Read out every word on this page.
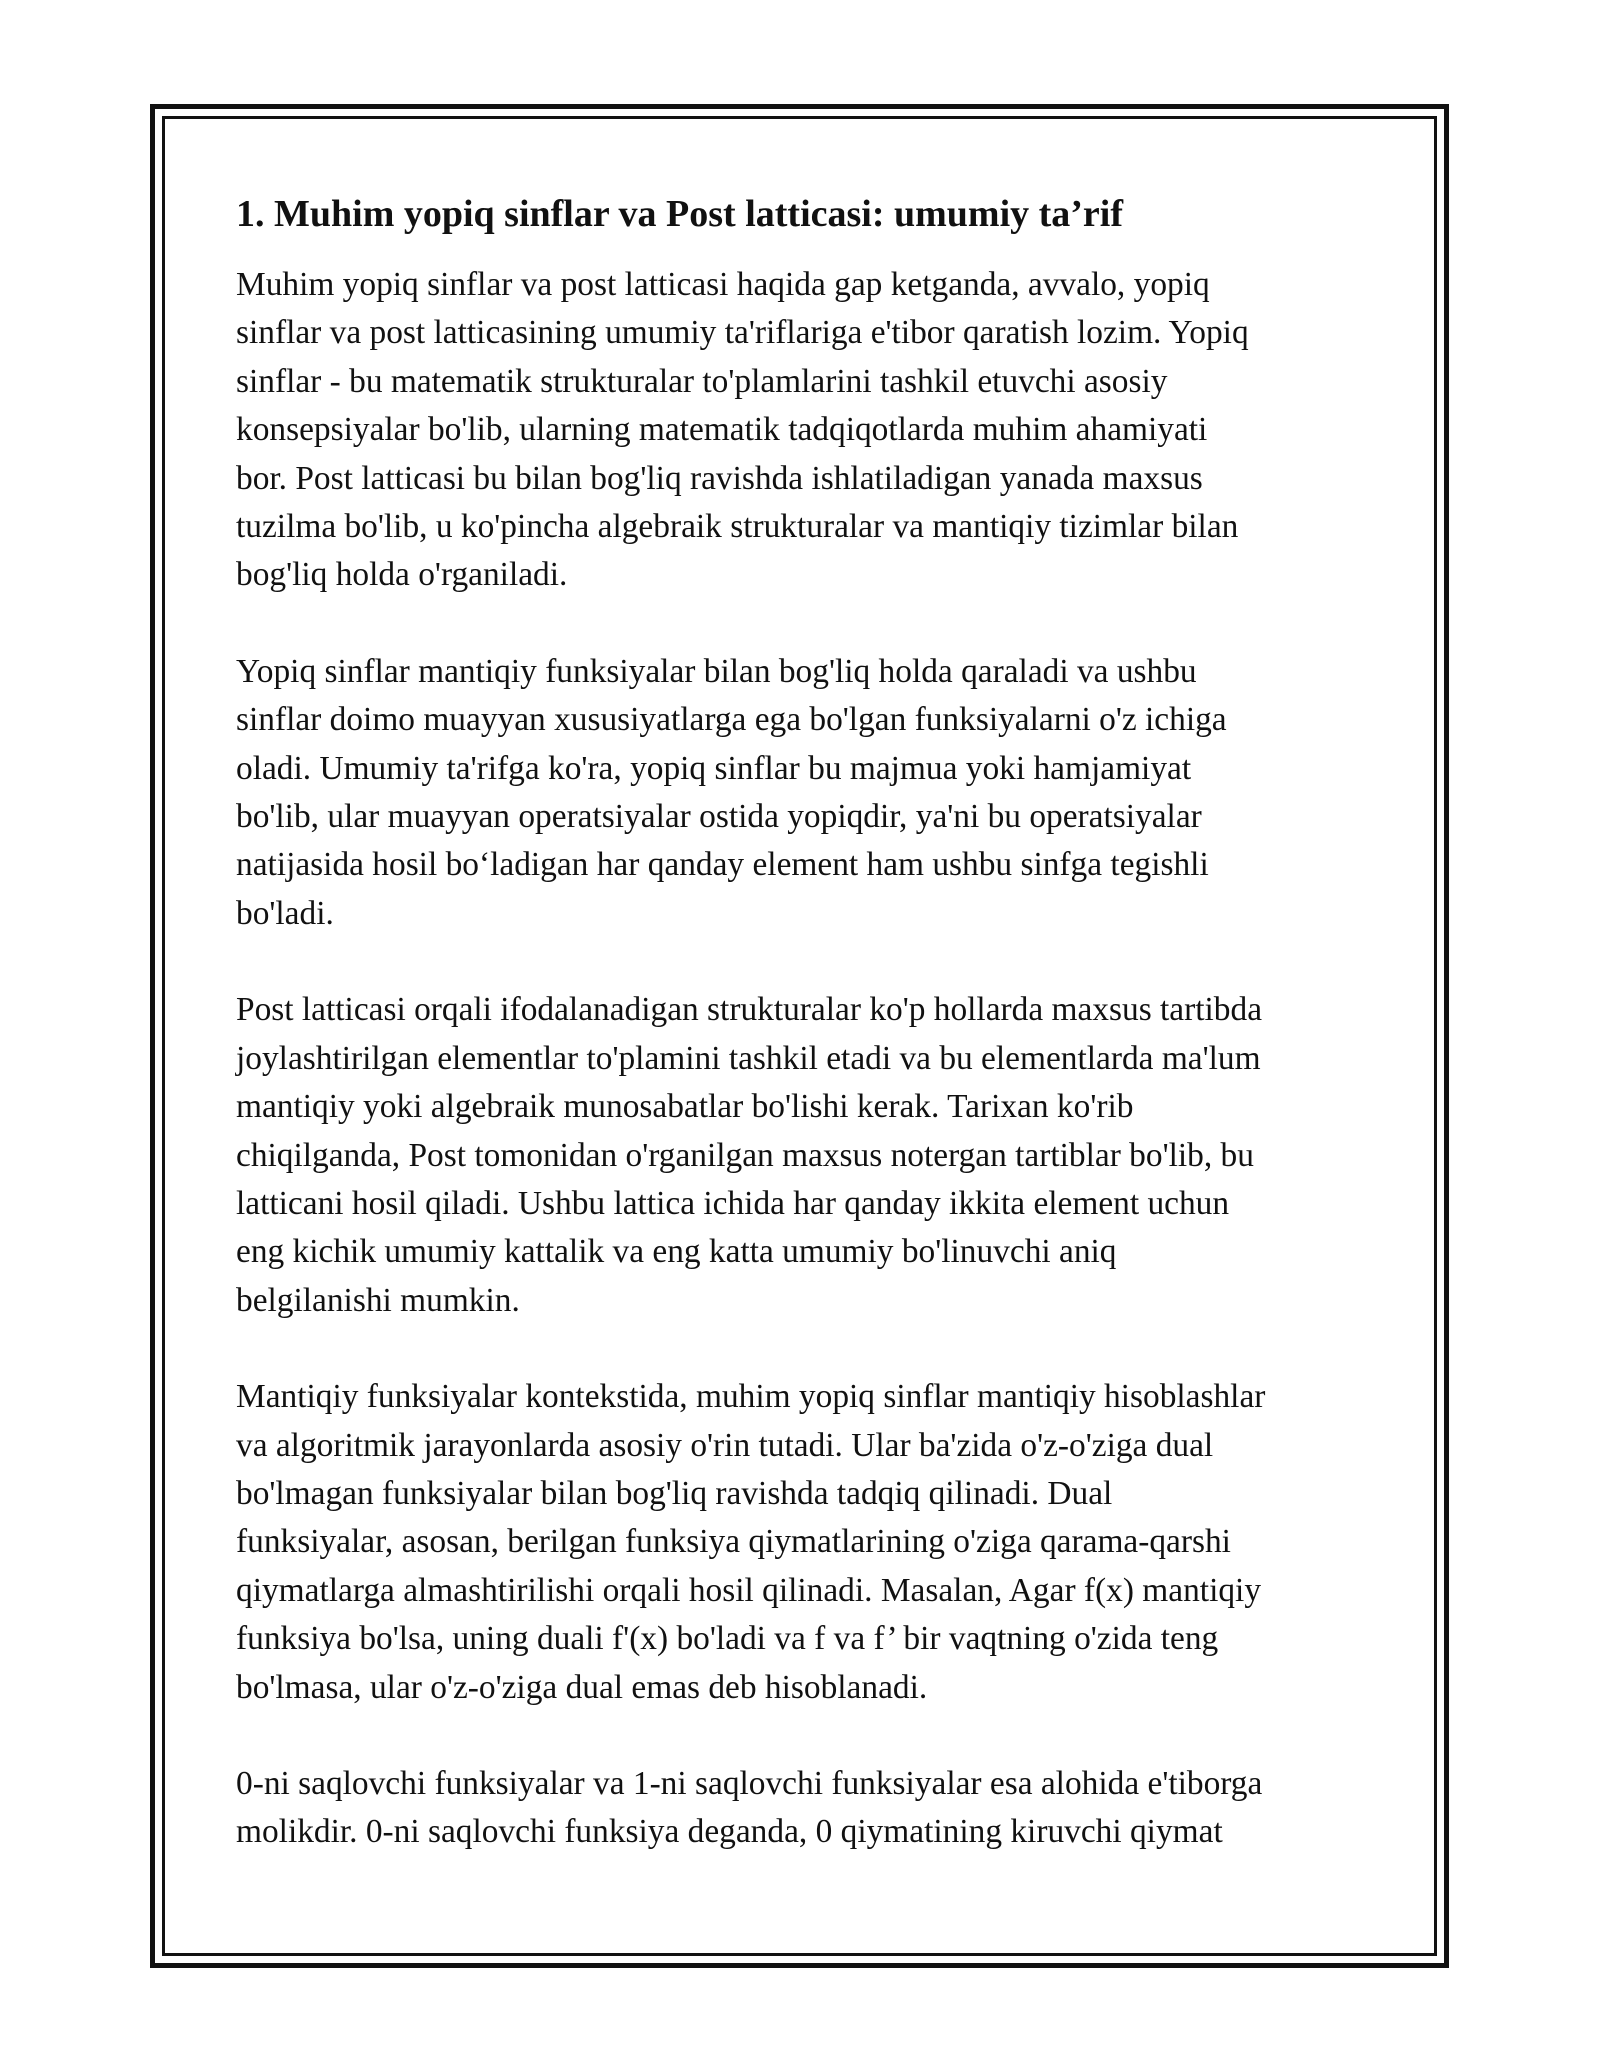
1. Muhim yopiq sinflar va Post latticasi: umumiy ta’rif

Muhim yopiq sinflar va post latticasi haqida gap ketganda, avvalo, yopiq
sinflar va post latticasining umumiy ta'riflariga e'tibor qaratish lozim. Yopiq
sinflar - bu matematik strukturalar to'plamlarini tashkil etuvchi asosiy
konsepsiyalar bo'lib, ularning matematik tadqiqotlarda muhim ahamiyati
bor. Post latticasi bu bilan bog'liq ravishda ishlatiladigan yanada maxsus
tuzilma bo'lib, u ko'pincha algebraik strukturalar va mantiqiy tizimlar bilan
bog'liq holda o'rganiladi.

Yopiq sinflar mantiqiy funksiyalar bilan bog'liq holda qaraladi va ushbu
sinflar doimo muayyan xususiyatlarga ega bo'lgan funksiyalarni o'z ichiga
oladi. Umumiy ta'rifga ko'ra, yopiq sinflar bu majmua yoki hamjamiyat
bo'lib, ular muayyan operatsiyalar ostida yopiqdir, ya'ni bu operatsiyalar
natijasida hosil bo‘ladigan har qanday element ham ushbu sinfga tegishli
bo'ladi.

Post latticasi orqali ifodalanadigan strukturalar ko'p hollarda maxsus tartibda
joylashtirilgan elementlar to'plamini tashkil etadi va bu elementlarda ma'lum
mantiqiy yoki algebraik munosabatlar bo'lishi kerak. Tarixan ko'rib
chiqilganda, Post tomonidan o'rganilgan maxsus notergan tartiblar bo'lib, bu
latticani hosil qiladi. Ushbu lattica ichida har qanday ikkita element uchun
eng kichik umumiy kattalik va eng katta umumiy bo'linuvchi aniq
belgilanishi mumkin.

Mantiqiy funksiyalar kontekstida, muhim yopiq sinflar mantiqiy hisoblashlar
va algoritmik jarayonlarda asosiy o'rin tutadi. Ular ba'zida o'z-o'ziga dual
bo'lmagan funksiyalar bilan bog'liq ravishda tadqiq qilinadi. Dual
funksiyalar, asosan, berilgan funksiya qiymatlarining o'ziga qarama-qarshi
qiymatlarga almashtirilishi orqali hosil qilinadi. Masalan, Agar f(x) mantiqiy
funksiya bo'lsa, uning duali f'(x) bo'ladi va f va f’ bir vaqtning o'zida teng
bo'lmasa, ular o'z-o'ziga dual emas deb hisoblanadi.

0-ni saqlovchi funksiyalar va 1-ni saqlovchi funksiyalar esa alohida e'tiborga
molikdir. 0-ni saqlovchi funksiya deganda, 0 qiymatining kiruvchi qiymat
